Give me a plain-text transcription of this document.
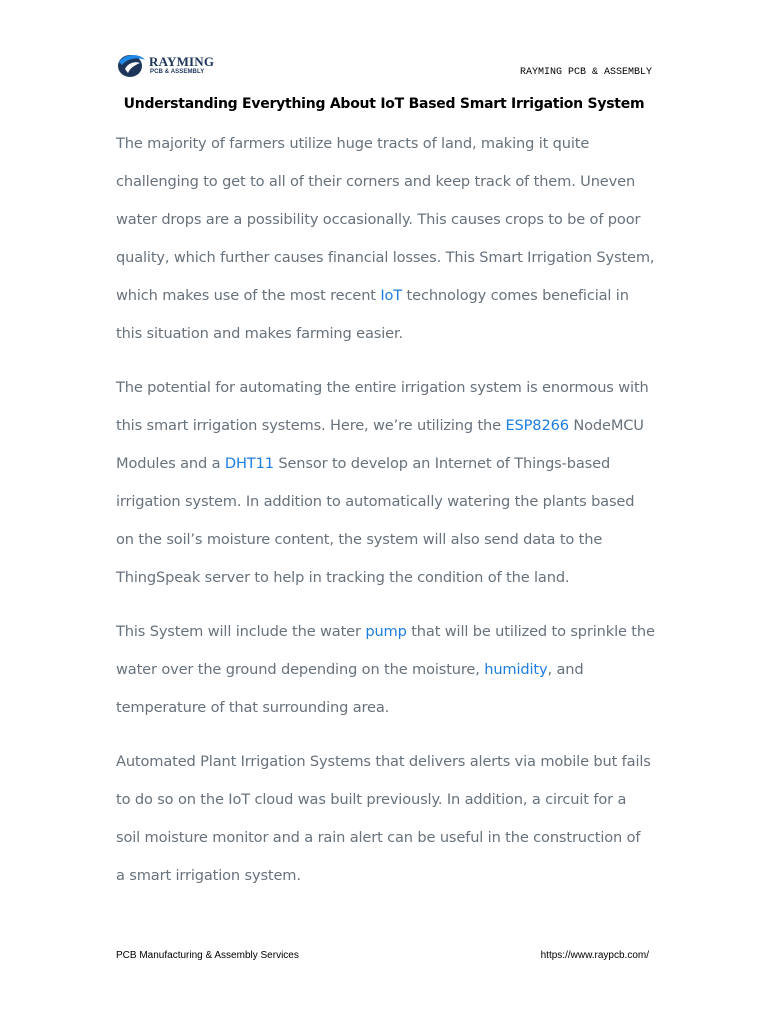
RAYMING
PCB & ASSEMBLY	RAYMING PCB & ASSEMBLY
Understanding Everything About IoT Based Smart Irrigation System
The majority of farmers utilize huge tracts of land, making it quite
challenging to get to all of their corners and keep track of them. Uneven
water drops are a possibility occasionally. This causes crops to be of poor
quality, which further causes financial losses. This Smart Irrigation System,
which makes use of the most recent IoT technology comes beneficial in
this situation and makes farming easier.
The potential for automating the entire irrigation system is enormous with
this smart irrigation systems. Here, we’re utilizing the ESP8266 NodeMCU
Modules and a DHT11 Sensor to develop an Internet of Things-based
irrigation system. In addition to automatically watering the plants based
on the soil’s moisture content, the system will also send data to the
ThingSpeak server to help in tracking the condition of the land.
This System will include the water pump that will be utilized to sprinkle the
water over the ground depending on the moisture, humidity, and
temperature of that surrounding area.
Automated Plant Irrigation Systems that delivers alerts via mobile but fails
to do so on the IoT cloud was built previously. In addition, a circuit for a
soil moisture monitor and a rain alert can be useful in the construction of
a smart irrigation system.
PCB Manufacturing & Assembly Services	https://www.raypcb.com/
